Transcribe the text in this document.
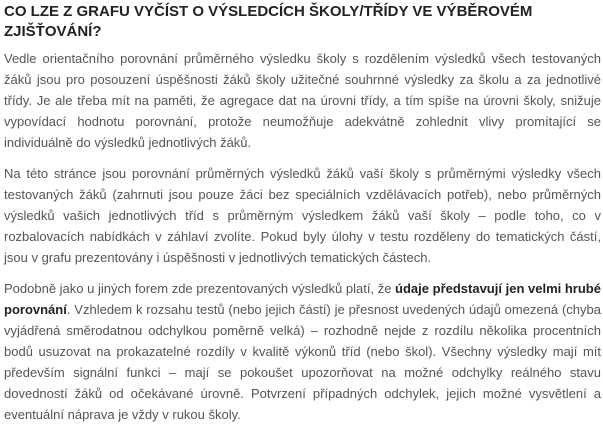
CO LZE Z GRAFU VYČÍST O VÝSLEDCÍCH ŠKOLY/TŘÍDY VE VÝBĚROVÉM ZJIŠŤOVÁNÍ?

Vedle orientačního porovnání průměrného výsledku školy s rozdělením výsledků všech testovaných žáků jsou pro posouzení úspěšnosti žáků školy užitečné souhrnné výsledky za školu a za jednotlivé třídy. Je ale třeba mít na paměti, že agregace dat na úrovni třídy, a tím spíše na úrovni školy, snižuje vypovídací hodnotu porovnání, protože neumožňuje adekvátně zohlednit vlivy promítající se individuálně do výsledků jednotlivých žáků.

Na této stránce jsou porovnání průměrných výsledků žáků vaší školy s průměrnými výsledky všech testovaných žáků (zahrnuti jsou pouze žáci bez speciálních vzdělávacích potřeb), nebo průměrných výsledků vašich jednotlivých tříd s průměrným výsledkem žáků vaší školy – podle toho, co v rozbalovacích nabídkách v záhlaví zvolíte. Pokud byly úlohy v testu rozděleny do tematických částí, jsou v grafu prezentovány i úspěšnosti v jednotlivých tematických částech.

Podobně jako u jiných forem zde prezentovaných výsledků platí, že údaje představují jen velmi hrubé porovnání. Vzhledem k rozsahu testů (nebo jejich částí) je přesnost uvedených údajů omezená (chyba vyjádřená směrodatnou odchylkou poměrně velká) – rozhodně nejde z rozdílu několika procentních bodů usuzovat na prokazatelné rozdíly v kvalitě výkonů tříd (nebo škol). Všechny výsledky mají mít především signální funkci – mají se pokoušet upozorňovat na možné odchylky reálného stavu dovedností žáků od očekávané úrovně. Potvrzení případných odchylek, jejich možné vysvětlení a eventuální náprava je vždy v rukou školy.
